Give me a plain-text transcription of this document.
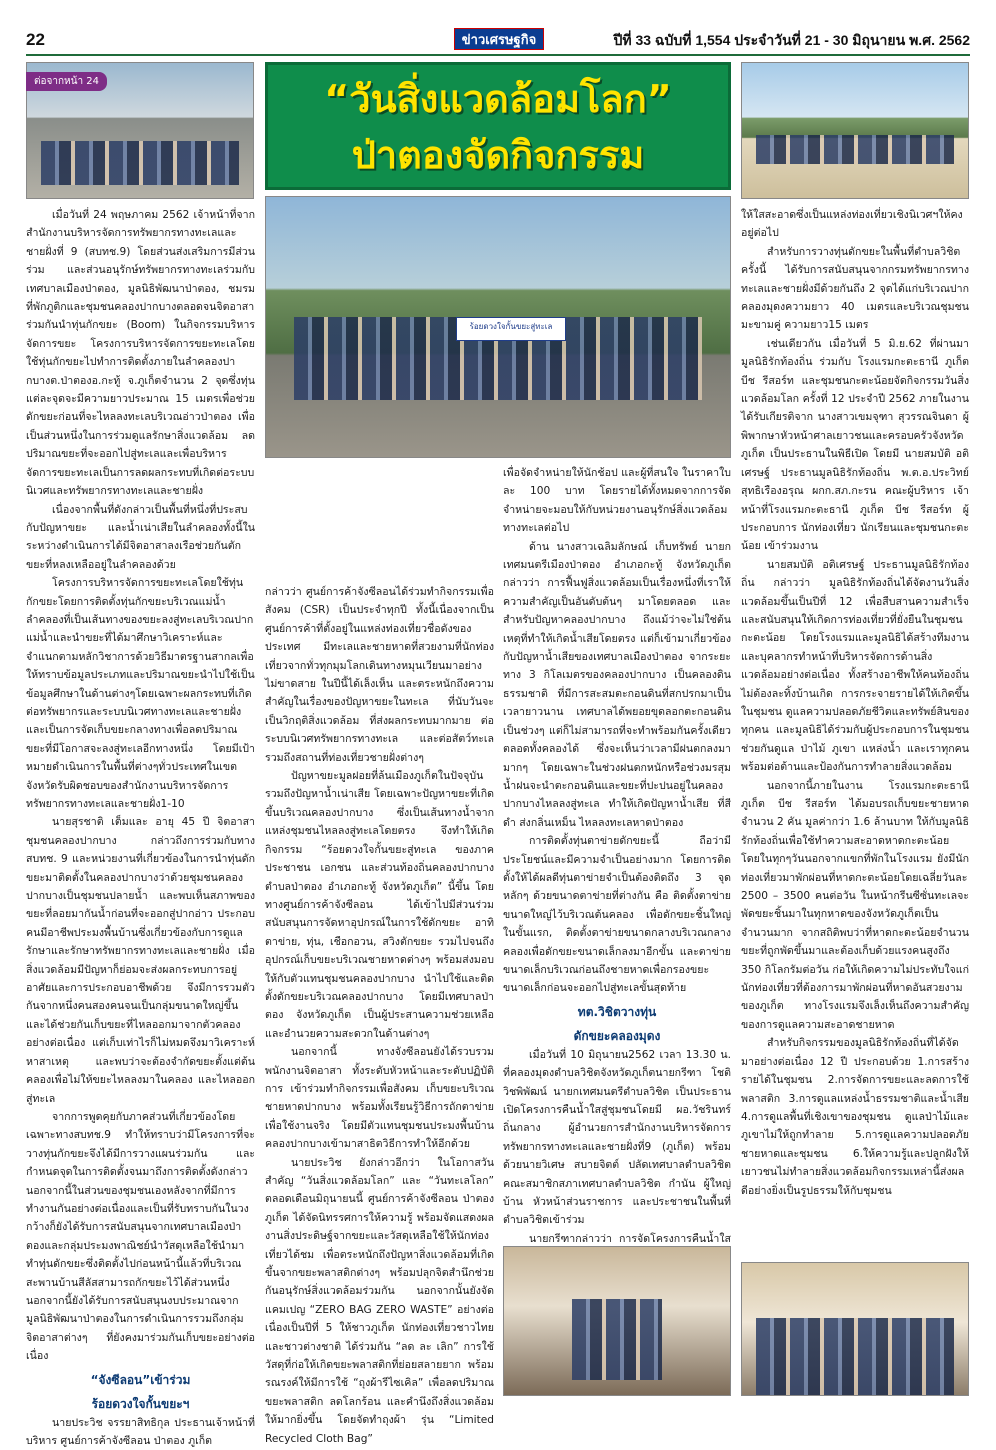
22	ข่าวเศรษฐกิจ	ปีที่ 33 ฉบับที่ 1,554 ประจำวันที่ 21 - 30 มิถุนายน พ.ศ. 2562
ต่อจากหน้า 24	“วันสิ่งแวดล้อมโลก”
ป่าตองจัดกิจกรรม
ร้อยดวงใจกั้นขยะสู่ทะเล

เมื่อวันที่ 24 พฤษภาคม 2562 เจ้าหน้าที่จากสำนักงานบริหารจัดการทรัพยากรทางทะเลและชายฝั่งที่ 9 (สบทช.9) โดยส่วนส่งเสริมการมีส่วนร่วม และส่วนอนุรักษ์ทรัพยากรทางทะเลร่วมกับเทศบาลเมืองป่าตอง, มูลนิธิพัฒนาป่าตอง, ชมรมที่พักภูติกและชุมชนคลองปากบางตลอดจนจิตอาสาร่วมกันนำทุ่นกักขยะ (Boom) ในกิจกรรมบริหารจัดการขยะ โครงการบริหารจัดการขยะทะเลโดยใช้ทุ่นกักขยะไปทำการติดตั้งภายในลำคลองปากบางต.ป่าตองอ.กะทู้ จ.ภูเก็ตจำนวน 2 จุดซึ่งทุ่นแต่ละจุดจะมีความยาวประมาณ 15 เมตรเพื่อช่วยดักขยะก่อนที่จะไหลลงทะเลบริเวณอ่าวป่าตอง เพื่อเป็นส่วนหนึ่งในการร่วมดูแลรักษาสิ่งแวดล้อม ลดปริมาณขยะที่จะออกไปสู่ทะเลและเพื่อบริหารจัดการขยะทะเลเป็นการลดผลกระทบที่เกิดต่อระบบนิเวศและทรัพยากรทางทะเลและชายฝั่ง

เนื่องจากพื้นที่ดังกล่าวเป็นพื้นที่หนึ่งที่ประสบกับปัญหาขยะ และน้ำเน่าเสียในลำคลองทั้งนี้ในระหว่างดำเนินการได้มีจิตอาสาลงเรือช่วยกันตักขยะที่หลงเหลืออยู่ในลำคลองด้วย

โครงการบริหารจัดการขยะทะเลโดยใช้ทุ่นกักขยะโดยการติดตั้งทุ่นกักขยะบริเวณแม่น้ำลำคลองที่เป็นเส้นทางของขยะลงสู่ทะเลบริเวณปากแม่น้ำและนำขยะที่ได้มาศึกษาวิเคราะห์และจำแนกตามหลักวิชาการด้วยวิธีมาตรฐานสากลเพื่อให้ทราบข้อมูลประเภทและปริมาณขยะนำไปใช้เป็นข้อมูลศึกษาในด้านต่างๆโดยเฉพาะผลกระทบที่เกิดต่อทรัพยากรและระบบนิเวศทางทะเลและชายฝั่งและเป็นการจัดเก็บขยะกลางทางเพื่อลดปริมาณขยะที่มีโอกาสจะลงสู่ทะเลอีกทางหนึ่ง โดยมีเป้าหมายดำเนินการในพื้นที่ต่างๆทั่วประเทศในเขตจังหวัดรับผิดชอบของสำนักงานบริหารจัดการทรัพยากรทางทะเลและชายฝั่ง1-10

นายสุรชาติ เต็มและ อายุ 45 ปี จิตอาสาชุมชนคลองปากบาง กล่าวถึงการร่วมกับทางสบทช. 9 และหน่วยงานที่เกี่ยวข้องในการนำทุ่นดักขยะมาติดตั้งในคลองปากบางว่าด้วยชุมชนคลองปากบางเป็นชุมชนปลายน้ำ และพบเห็นสภาพของขยะที่ลอยมากันน้ำก่อนที่จะออกสู่ปากอ่าว ประกอบคนมีอาชีพประมงพื้นบ้านซึ่งเกี่ยวข้องกับการดูแลรักษาและรักษาทรัพยากรทางทะเลและชายฝั่ง เมื่อสิ่งแวดล้อมมีปัญหาก็ย่อมจะส่งผลกระทบการอยู่อาศัยและการประกอบอาชีพด้วย จึงมีการรวมตัวกันจากหนึ่งคนสองคนจนเป็นกลุ่มขนาดใหญ่ขึ้นและได้ช่วยกันเก็บขยะที่ไหลออกมาจากตัวคลองอย่างต่อเนื่อง แต่เก็บเท่าไรก็ไม่หมดจึงมาวิเคราะห์หาสาเหตุ และพบว่าจะต้องจำกัดขยะตั้งแต่ต้นคลองเพื่อไม่ให้ขยะไหลลงมาในคลอง และไหลออกสู่ทะเล

จากการพูดคุยกับภาคส่วนที่เกี่ยวข้องโดยเฉพาะทางสบทช.9 ทำให้ทราบว่ามีโครงการที่จะวางทุ่นกักขยะจึงได้มีการวางแผนร่วมกัน และกำหนดจุดในการติดตั้งจนมาถึงการติดตั้งดังกล่าว นอกจากนี้ในส่วนของชุมชนเองหลังจากที่มีการทำงานกันอย่างต่อเนื่องและเป็นที่รับทราบกันในวงกว้างก็ยังได้รับการสนับสนุนจากเทศบาลเมืองป่าตองและกลุ่มประมงพาณิชย์นำวัสดุเหลือใช้นำมาทำทุ่นดักขยะซึ่งติดตั้งไปก่อนหน้านี้แล้วที่บริเวณสะพานบ้านสีลัสสามารถกักขยะไว้ได้ส่วนหนึ่ง นอกจากนี้ยังได้รับการสนับสนุนงบประมาณจากมูลนิธิพัฒนาป่าตองในการดำเนินการรวมถึงกลุ่มจิตอาสาต่างๆ ที่ยังคงมาร่วมกันเก็บขยะอย่างต่อเนื่อง

“จังซีลอน”เข้าร่วม

ร้อยดวงใจกั้นขยะฯ

นายประวิช จรรยาสิทธิกุล ประธานเจ้าหน้าที่บริหาร ศูนย์การค้าจังซีลอน ป่าตอง ภูเก็ต

กล่าวว่า ศูนย์การค้าจังซีลอนได้ร่วมทำกิจกรรมเพื่อสังคม (CSR) เป็นประจำทุกปี ทั้งนี้เนื่องจากเป็นศูนย์การค้าที่ตั้งอยู่ในแหล่งท่องเที่ยวชื่อดังของประเทศ มีทะเลและชายหาดที่สวยงามที่นักท่องเที่ยวจากทั่วทุกมุมโลกเดินทางหมุนเวียนมาอย่างไม่ขาดสาย ในปีนี้ได้เล็งเห็น และตระหนักถึงความสำคัญในเรื่องของปัญหาขยะในทะเล ที่นับวันจะเป็นวิกฤติสิ่งแวดล้อม ที่ส่งผลกระทบมากมาย ต่อระบบนิเวศทรัพยากรทางทะเล และต่อสัตว์ทะเล รวมถึงสถานที่ท่องเที่ยวชายฝั่งต่างๆ

ปัญหาขยะมูลฝอยที่ล้นเมืองภูเก็ตในปัจจุบัน รวมถึงปัญหาน้ำเน่าเสีย โดยเฉพาะปัญหาขยะที่เกิดขึ้นบริเวณคลองปากบาง ซึ่งเป็นเส้นทางน้ำจากแหล่งชุมชนไหลลงสู่ทะเลโดยตรง จึงทำให้เกิดกิจกรรม “ร้อยดวงใจกั้นขยะสู่ทะเล ของภาคประชาชน เอกชน และส่วนท้องถิ่นคลองปากบาง ตำบลป่าตอง อำเภอกะทู้ จังหวัดภูเก็ต” นี้ขึ้น โดยทางศูนย์การค้าจังซีลอน ได้เข้าไปมีส่วนร่วมสนับสนุนการจัดหาอุปกรณ์ในการใช้ดักขยะ อาทิตาข่าย, ทุ่น, เชือกอวน, สวิงตักขยะ รวมไปจนถึงอุปกรณ์เก็บขยะบริเวณชายหาดต่างๆ พร้อมส่งมอบให้กับตัวแทนชุมชนคลองปากบาง นำไปใช้และติดตั้งดักขยะบริเวณคลองปากบาง โดยมีเทศบาลป่าตอง จังหวัดภูเก็ต เป็นผู้ประสานความช่วยเหลือและอำนวยความสะดวกในด้านต่างๆ

นอกจากนี้ ทางจังซีลอนยังได้รวบรวมพนักงานจิตอาสา ทั้งระดับหัวหน้าและระดับปฏิบัติการ เข้าร่วมทำกิจกรรมเพื่อสังคม เก็บขยะบริเวณชายหาดปากบาง พร้อมทั้งเรียนรู้วิธีการถักตาข่ายเพื่อใช้งานจริง โดยมีตัวแทนชุมชนประมงพื้นบ้านคลองปากบางเข้ามาสาธิตวิธีการทำให้อีกด้วย

นายประวิช ยังกล่าวอีกว่า ในโอกาสวันสำคัญ “วันสิ่งแวดล้อมโลก” และ “วันทะเลโลก” ตลอดเดือนมิถุนายนนี้ ศูนย์การค้าจังซีลอน ป่าตอง ภูเก็ต ได้จัดนิทรรศการให้ความรู้ พร้อมจัดแสดงผลงานสิ่งประดิษฐ์จากขยะและวัสดุเหลือใช้ให้นักท่องเที่ยวได้ชม เพื่อตระหนักถึงปัญหาสิ่งแวดล้อมที่เกิดขึ้นจากขยะพลาสติกต่างๆ พร้อมปลุกจิตสำนึกช่วยกันอนุรักษ์สิ่งแวดล้อมร่วมกัน นอกจากนั้นยังจัดแคมเปญ “ZERO BAG ZERO WASTE” อย่างต่อเนื่องเป็นปีที่ 5 ให้ชาวภูเก็ต นักท่องเที่ยวชาวไทยและชาวต่างชาติ ได้ร่วมกัน “ลด ละ เลิก” การใช้วัสดุที่ก่อให้เกิดขยะพลาสติกที่ย่อยสลายยาก พร้อมรณรงค์ให้มีการใช้ “ถุงผ้ารีไซเคิล” เพื่อลดปริมาณขยะพลาสติก ลดโลกร้อน และคำนึงถึงสิ่งแวดล้อมให้มากยิ่งขึ้น โดยจัดทำถุงผ้า รุ่น “Limited Recycled Cloth Bag”

เพื่อจัดจำหน่ายให้นักช้อป และผู้ที่สนใจ ในราคาใบละ 100 บาท โดยรายได้ทั้งหมดจากการจัดจำหน่ายจะมอบให้กับหน่วยงานอนุรักษ์สิ่งแวดล้อมทางทะเลต่อไป

ด้าน นางสาวเฉลิมลักษณ์ เก็บทรัพย์ นายกเทศมนตรีเมืองป่าตอง อำเภอกะทู้ จังหวัดภูเก็ต กล่าวว่า การฟื้นฟูสิ่งแวดล้อมเป็นเรื่องหนึ่งที่เราให้ความสำคัญเป็นอันดับต้นๆ มาโดยตลอด และสำหรับปัญหาคลองปากบาง ถึงแม้ว่าจะไม่ใช่ต้นเหตุที่ทำให้เกิดน้ำเสียโดยตรง แต่ก็เข้ามาเกี่ยวข้องกับปัญหาน้ำเสียของเทศบาลเมืองป่าตอง จากระยะทาง 3 กิโลเมตรของคลองปากบาง เป็นคลองดินธรรมชาติ ที่มีการสะสมตะกอนดินที่สกปรกมาเป็นเวลายาวนาน เทศบาลได้พยอยขุดลอกตะกอนดินเป็นช่วงๆ แต่ก็ไม่สามารถที่จะทำพร้อมกันครั้งเดียวตลอดทั้งคลองได้ ซึ่งจะเห็นว่าเวลามีฝนตกลงมามากๆ โดยเฉพาะในช่วงฝนตกหนักหรือช่วงมรสุม น้ำฝนจะนำตะกอนดินและขยะที่ปะปนอยู่ในคลองปากบางไหลลงสู่ทะเล ทำให้เกิดปัญหาน้ำเสีย ที่สีดำ ส่งกลิ่นเหม็น ไหลลงทะเลหาดป่าตอง

การติดตั้งทุ่นตาข่ายดักขยะนี้ ถือว่ามีประโยชน์และมีความจำเป็นอย่างมาก โดยการติดตั้งให้ได้ผลดีทุ่นตาข่ายจำเป็นต้องติดถึง 3 จุดหลักๆ ด้วยขนาดตาข่ายที่ต่างกัน คือ ติดตั้งตาข่ายขนาดใหญ่ไว้บริเวณต้นคลอง เพื่อดักขยะชิ้นใหญ่ในขั้นแรก, ติดตั้งตาข่ายขนาดกลางบริเวณกลางคลองเพื่อดักขยะขนาดเล็กลงมาอีกขั้น และตาข่ายขนาดเล็กบริเวณก่อนถึงชายหาดเพื่อกรองขยะขนาดเล็กก่อนจะออกไปสู่ทะเลขั้นสุดท้าย

ทต.วิชิตวางทุ่น

ดักขยะคลองมุดง

เมื่อวันที่ 10 มิถุนายน2562 เวลา 13.30 น. ที่คลองมุดงตำบลวิชิตจังหวัดภูเก็ตนายกรีฑา โชติวิชพิพัฒน์ นายกเทศมนตรีตำบลวิชิต เป็นประธานเปิดโครงการคืนน้ำใสสู่ชุมชนโดยมี ผอ.วัชรินทร์ ถิ่นกลาง ผู้อำนวยการสำนักงานบริหารจัดการทรัพยากรทางทะเลและชายฝั่งที่9 (ภูเก็ต) พร้อมด้วยนายวิเศษ สบายจิตต์ ปลัดเทศบาลตำบลวิชิต คณะสมาชิกสภาเทศบาลตำบลวิชิต กำนัน ผู้ใหญ่บ้าน หัวหน้าส่วนราชการ และประชาชนในพื้นที่ตำบลวิชิตเข้าร่วม

นายกรีฑากล่าวว่า การจัดโครงการคืนน้ำใส

ให้ใสสะอาดซึ่งเป็นแหล่งท่องเที่ยวเชิงนิเวศฯให้คงอยู่ต่อไป

สำหรับการวางทุ่นดักขยะในพื้นที่ตำบลวิชิตครั้งนี้ ได้รับการสนับสนุนจากกรมทรัพยากรทางทะเลและชายฝั่งมีด้วยกันถึง 2 จุดได้แก่บริเวณปากคลองมุดงความยาว 40 เมตรและบริเวณชุมชนมะขามคู่ ความยาว15 เมตร

เช่นเดียวกัน เมื่อวันที่ 5 มิ.ย.62 ที่ผ่านมามูลนิธิรักท้องถิ่น ร่วมกับ โรงแรมกะตะธานี ภูเก็ต บีช รีสอร์ท และชุมชนกะตะน้อยจัดกิจกรรมวันสิ่งแวดล้อมโลก ครั้งที่ 12 ประจำปี 2562 ภายในงานได้รับเกียรติจาก นางสาวเขมจุฑา สุวรรณจินดา ผู้พิพากษาหัวหน้าศาลเยาวชนและครอบครัวจังหวัดภูเก็ต เป็นประธานในพิธีเปิด โดยมี นายสมบัติ อติเศรษฐ์ ประธานมูลนิธิรักท้องถิ่น พ.ต.อ.ประวิทย์ สุทธิเรืองอรุณ ผกก.สภ.กะรน คณะผู้บริหาร เจ้าหน้าที่โรงแรมกะตะธานี ภูเก็ต บีช รีสอร์ท ผู้ประกอบการ นักท่องเที่ยว นักเรียนและชุมชนกะตะน้อย เข้าร่วมงาน

นายสมบัติ อติเศรษฐ์ ประธานมูลนิธิรักท้องถิ่น กล่าวว่า มูลนิธิรักท้องถิ่นได้จัดงานวันสิ่งแวดล้อมขึ้นเป็นปีที่ 12 เพื่อสืบสานความสำเร็จและสนับสนุนให้เกิดการท่องเที่ยวที่ยั่งยืนในชุมชนกะตะน้อย โดยโรงแรมและมูลนิธิได้สร้างทีมงานและบุคลากรทำหน้าที่บริหารจัดการด้านสิ่งแวดล้อมอย่างต่อเนื่อง ทั้งสร้างอาชีพให้คนท้องถิ่นไม่ต้องละทิ้งบ้านเกิด การกระจายรายได้ให้เกิดขึ้นในชุมชน ดูแลความปลอดภัยชีวิตและทรัพย์สินของทุกคน และมูลนิธิได้ร่วมกับผู้ประกอบการในชุมชนช่วยกันดูแล ป่าไม้ ภูเขา แหล่งน้ำ และเราทุกคนพร้อมต่อต้านและป้องกันการทำลายสิ่งแวดล้อม

นอกจากนี้ภายในงาน โรงแรมกะตะธานี ภูเก็ต บีช รีสอร์ท ได้มอบรถเก็บขยะชายหาดจำนวน 2 คัน มูลค่ากว่า 1.6 ล้านบาท ให้กับมูลนิธิรักท้องถิ่นเพื่อใช้ทำความสะอาดหาดกะตะน้อย โดยในทุกๆวันนอกจากแขกที่พักในโรงแรม ยังมีนักท่องเที่ยวมาพักผ่อนที่หาดกะตะน้อยโดยเฉลี่ยวันละ 2500 – 3500 คนต่อวัน ในหน้ากรีนซีซั่นทะเลจะพัดขยะชิ้นมาในทุกหาดของจังหวัดภูเก็ตเป็นจำนวนมาก จากสถิติพบว่าที่หาดกะตะน้อยจำนวนขยะที่ถูกพัดขึ้นมาและต้องเก็บด้วยแรงคนสูงถึง 350 กิโลกรัมต่อวัน ก่อให้เกิดความไม่ประทับใจแก่นักท่องเที่ยวที่ต้องการมาพักผ่อนที่หาดอันสวยงามของภูเก็ต ทางโรงแรมจึงเล็งเห็นถึงความสำคัญของการดูแลความสะอาดชายหาด

สำหรับกิจกรรมของมูลนิธิรักท้องถิ่นที่ได้จัดมาอย่างต่อเนื่อง 12 ปี ประกอบด้วย 1.การสร้างรายได้ในชุมชน 2.การจัดการขยะและลดการใช้พลาสติก 3.การดูแลแหล่งน้ำธรรมชาติและน้ำเสีย 4.การดูแลพื้นที่เชิงเขาของชุมชน ดูแลป่าไม้และภูเขาไม่ให้ถูกทำลาย 5.การดูแลความปลอดภัยชายหาดและชุมชน 6.ให้ความรู้และปลูกฝังให้เยาวชนไม่ทำลายสิ่งแวดล้อมกิจกรรมเหล่านี้ส่งผลดีอย่างยิ่งเป็นรูปธรรมให้กับชุมชน
